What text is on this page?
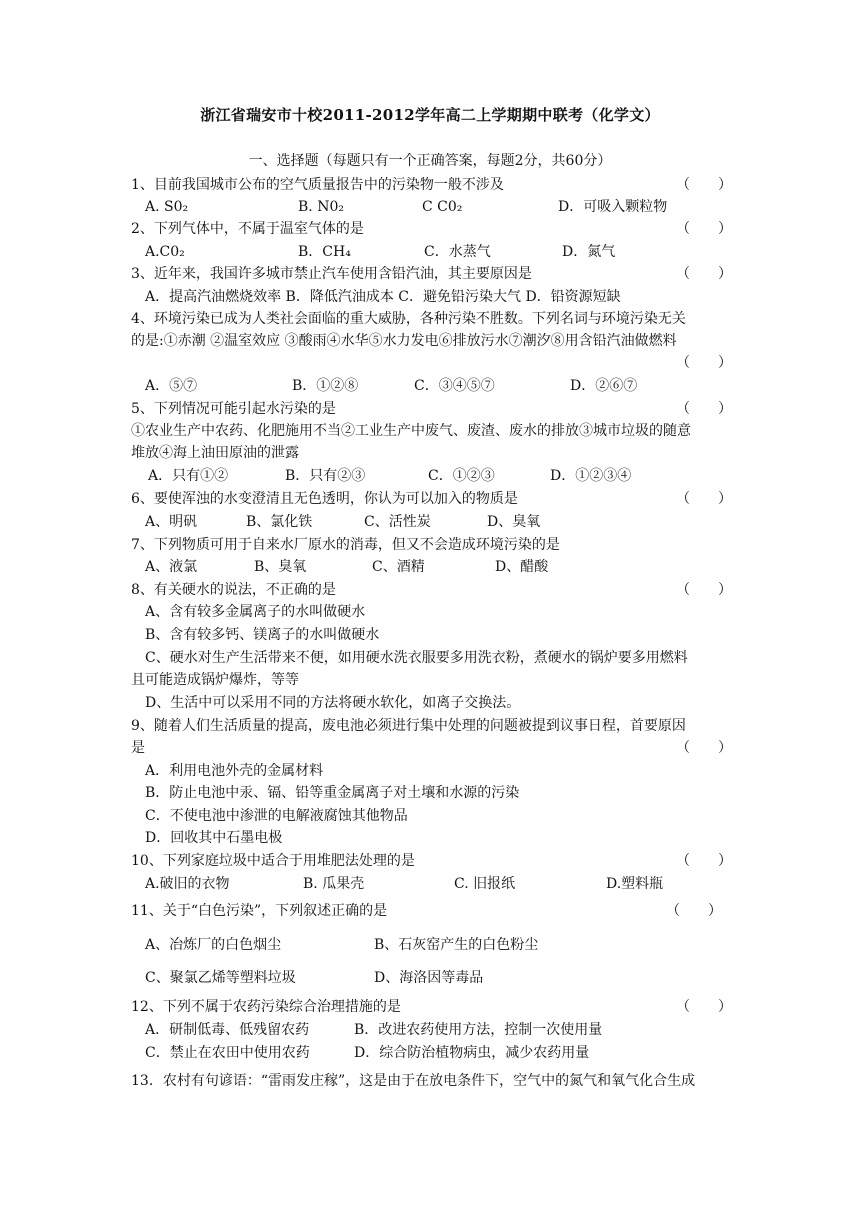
浙江省瑞安市十校2011-2012学年高二上学期期中联考（化学文）
一、选择题（每题只有一个正确答案，每题2分，共60分）
1、目前我国城市公布的空气质量报告中的污染物一般不涉及	（　　）
A. S0₂	B. N0₂	C C0₂	D．可吸入颗粒物
2、下列气体中，不属于温室气体的是	（　　）
A.C0₂	B．CH₄	C．水蒸气	D．氮气
3、近年来，我国许多城市禁止汽车使用含铅汽油，其主要原因是	（　　）
A．提高汽油燃烧效率 B．降低汽油成本 C．避免铅污染大气 D．铅资源短缺
4、环境污染已成为人类社会面临的重大威胁，各种污染不胜数。下列名词与环境污染无关
的是:①赤潮 ②温室效应 ③酸雨④水华⑤水力发电⑥排放污水⑦潮汐⑧用含铅汽油做燃料
（　　）
A．⑤⑦	B．①②⑧	C．③④⑤⑦	D．②⑥⑦
5、下列情况可能引起水污染的是	（　　）
①农业生产中农药、化肥施用不当②工业生产中废气、废渣、废水的排放③城市垃圾的随意
堆放④海上油田原油的泄露
A．只有①②	B．只有②③	C．①②③	D．①②③④
6、要使浑浊的水变澄清且无色透明，你认为可以加入的物质是	（　　）
A、明矾	B、氯化铁	C、活性炭	D、臭氧
7、下列物质可用于自来水厂原水的消毒，但又不会造成环境污染的是
A、液氯	B、臭氧	C、酒精	D、醋酸
8、有关硬水的说法，不正确的是	（　　）
A、含有较多金属离子的水叫做硬水
B、含有较多钙、镁离子的水叫做硬水
C、硬水对生产生活带来不便，如用硬水洗衣服要多用洗衣粉，煮硬水的锅炉要多用燃料
且可能造成锅炉爆炸，等等
D、生活中可以采用不同的方法将硬水软化，如离子交换法。
9、随着人们生活质量的提高，废电池必须进行集中处理的问题被提到议事日程，首要原因
是	（　　）
A．利用电池外壳的金属材料
B．防止电池中汞、镉、铅等重金属离子对土壤和水源的污染
C．不使电池中渗泄的电解液腐蚀其他物品
D．回收其中石墨电极
10、下列家庭垃圾中适合于用堆肥法处理的是	（　　）
A.破旧的衣物	B. 瓜果壳	C. 旧报纸	D.塑料瓶
11、关于“白色污染”，下列叙述正确的是	（　　）
A、冶炼厂的白色烟尘	B、石灰窑产生的白色粉尘
C、聚氯乙烯等塑料垃圾	D、海洛因等毒品
12、下列不属于农药污染综合治理措施的是	（　　）
A．研制低毒、低残留农药	B．改进农药使用方法，控制一次使用量
C．禁止在农田中使用农药	D．综合防治植物病虫，减少农药用量
13．农村有句谚语：“雷雨发庄稼”，这是由于在放电条件下，空气中的氮气和氧气化合生成
